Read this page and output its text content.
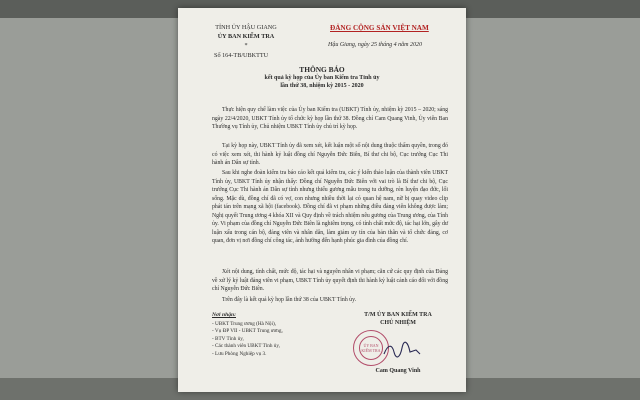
TỈNH ỦY HẬU GIANG
ỦY BAN KIỂM TRA
*
Số 164-TB/UBKTTU
ĐẢNG CỘNG SẢN VIỆT NAM
Hậu Giang, ngày 25 tháng 4 năm 2020
THÔNG BÁO
kết quả kỳ họp của Ủy ban Kiểm tra Tỉnh ủy
lần thứ 38, nhiệm kỳ 2015 - 2020

Thực hiện quy chế làm việc của Ủy ban Kiểm tra (UBKT) Tỉnh ủy, nhiệm kỳ 2015 – 2020; sáng ngày 22/4/2020, UBKT Tỉnh ủy tổ chức kỳ họp lần thứ 38. Đồng chí Cam Quang Vinh, Ủy viên Ban Thường vụ Tỉnh ủy, Chủ nhiệm UBKT Tỉnh ủy chủ trì kỳ họp.

Tại kỳ họp này, UBKT Tỉnh ủy đã xem xét, kết luận một số nội dung thuộc thẩm quyền, trong đó có việc xem xét, thi hành kỷ luật đồng chí Nguyễn Đức Biên, Bí thư chi bộ, Cục trưởng Cục Thi hành án Dân sự tỉnh.

Sau khi nghe đoàn kiểm tra báo cáo kết quả kiểm tra, các ý kiến thảo luận của thành viên UBKT Tỉnh ủy, UBKT Tỉnh ủy nhận thấy: Đồng chí Nguyễn Đức Biên với vai trò là Bí thư chi bộ, Cục trưởng Cục Thi hành án Dân sự tỉnh nhưng thiếu gương mẫu trong tu dưỡng, rèn luyện đạo đức, lối sống. Mặc dù, đồng chí đã có vợ, con nhưng nhiều thời lại có quan hệ nam, nữ bị quay video clip phát tán trên mạng xã hội (facebook). Đồng chí đã vi phạm những điều đảng viên không được làm; Nghị quyết Trung ương 4 khóa XII và Quy định về trách nhiệm nêu gương của Trung ương, của Tỉnh ủy. Vi phạm của đồng chí Nguyễn Đức Biên là nghiêm trọng, có tính chất mức độ, tác hại lớn, gây dư luận xấu trong cán bộ, đảng viên và nhân dân, làm giảm uy tín của bản thân và tổ chức đảng, cơ quan, đơn vị nơi đồng chí công tác, ảnh hưởng đến hạnh phúc gia đình của đồng chí.

Xét nội dung, tính chất, mức độ, tác hại và nguyên nhân vi phạm; căn cứ các quy định của Đảng về xử lý kỷ luật đảng viên vi phạm, UBKT Tỉnh ủy quyết định thi hành kỷ luật cảnh cáo đối với đồng chí Nguyễn Đức Biên.

Trên đây là kết quả kỳ họp lần thứ 38 của UBKT Tỉnh ủy.

Nơi nhận:
- UBKT Trung ương (Hà Nội),
- Vụ ĐP VII - UBKT Trung ương,
- BTV Tỉnh ủy,
- Các thành viên UBKT Tỉnh ủy,
- Lưu Phòng Nghiệp vụ 3.
T/M ỦY BAN KIỂM TRA
CHỦ NHIỆM
ỦY BAN KIỂM TRA
Cam Quang Vinh
